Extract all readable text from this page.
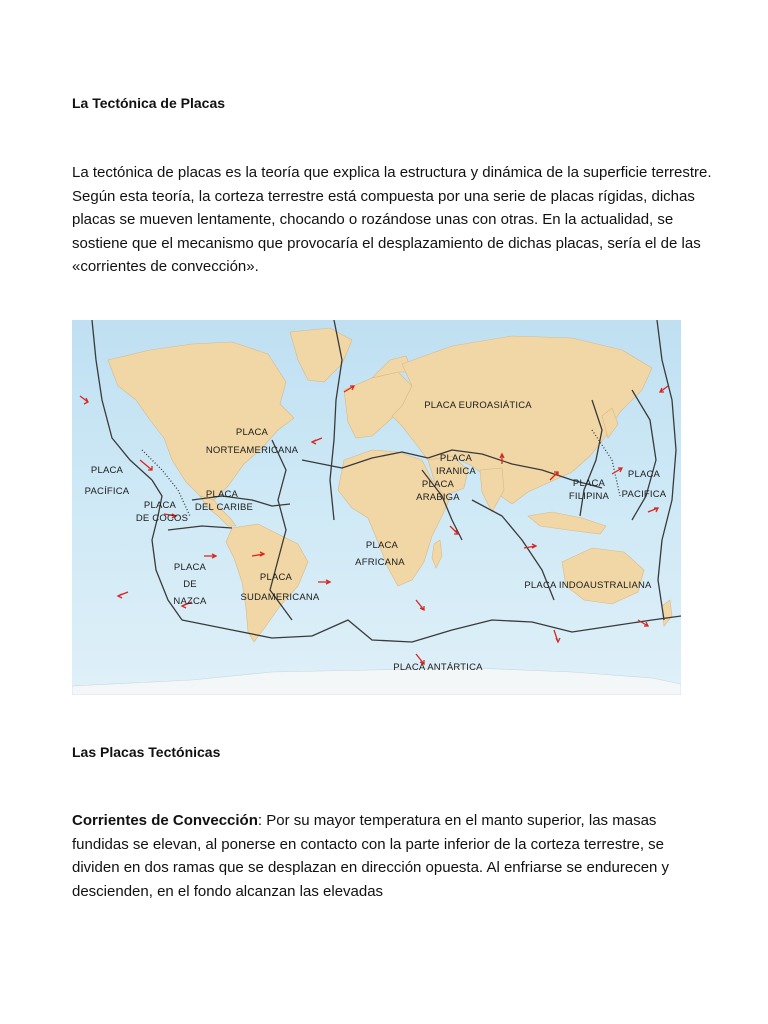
La Tectónica de Placas

La tectónica de placas es la teoría que explica la estructura y dinámica de la superficie terrestre. Según esta teoría, la corteza terrestre está compuesta por una serie de placas rígidas, dichas placas se mueven lentamente, chocando o rozándose unas con otras. En la actualidad, se sostiene que el mecanismo que provocaría el desplazamiento de dichas placas, sería el de las «corrientes de convección».

PLACA
NORTEAMERICANA
PLACA EUROASIÁTICA
PLACA
PACÍFICA
PLACA
DE COCOS
PLACA
DEL CARIBE
PLACA
DE
NAZCA
PLACA
SUDAMERICANA
PLACA
AFRICANA
PLACA
IRANICA
PLACA
ARABIGA
PLACA
FILIPINA
PLACA
PACIFICA
PLACA INDOAUSTRALIANA
PLACA ANTÁRTICA
Las Placas Tectónicas

Corrientes de Convección: Por su mayor temperatura en el manto superior, las masas fundidas se elevan, al ponerse en contacto con la parte inferior de la corteza terrestre, se dividen en dos ramas que se desplazan en dirección opuesta. Al enfriarse se endurecen y descienden, en el fondo alcanzan las elevadas
